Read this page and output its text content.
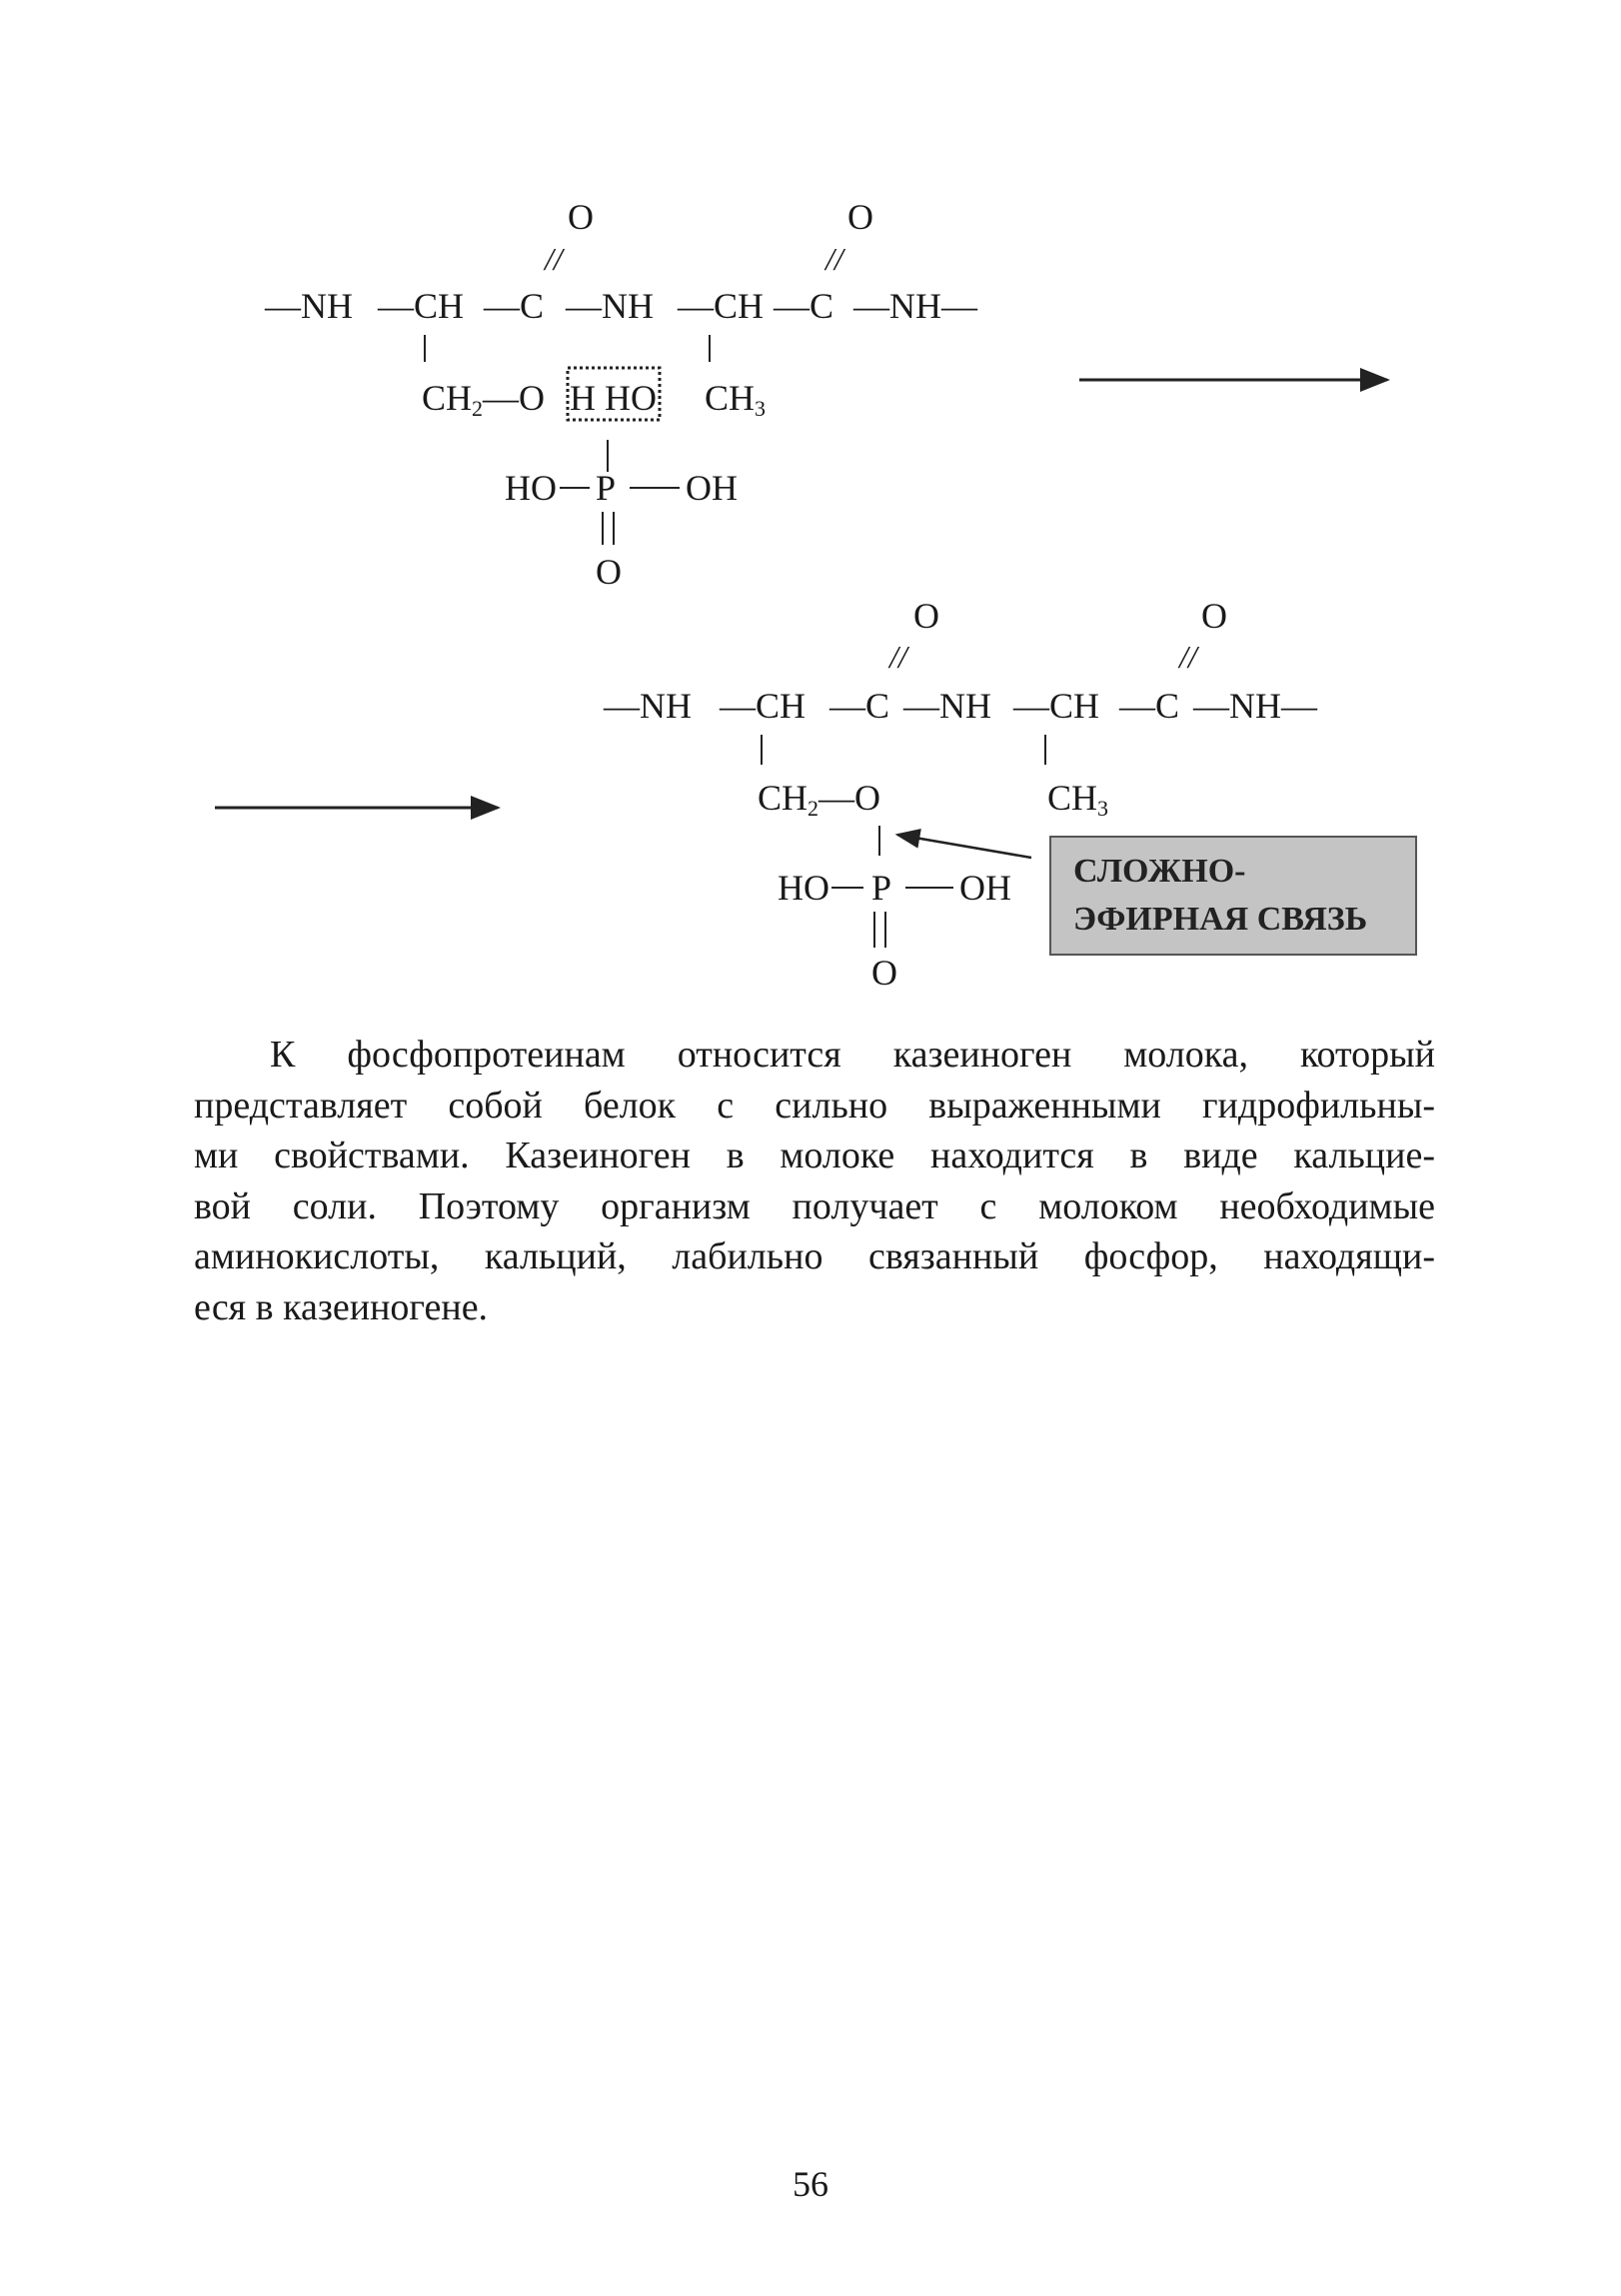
O	O
//	//
—NH —CH —C —NH —CH —C —NH—
CH2—O H HO CH3
HO P OH
O
O	O
//	//
—NH —CH —C —NH —CH —C —NH—
CH2—O	CH3
HO P OH
O
СЛОЖНО-
ЭФИРНАЯ СВЯЗЬ
К фосфопротеинам относится казеиноген молока, который
представляет собой белок с сильно выраженными гидрофильны-
ми свойствами. Казеиноген в молоке находится в виде кальцие-
вой соли. Поэтому организм получает с молоком необходимые
аминокислоты, кальций, лабильно связанный фосфор, находящи-
еся в казеиногене.
56
